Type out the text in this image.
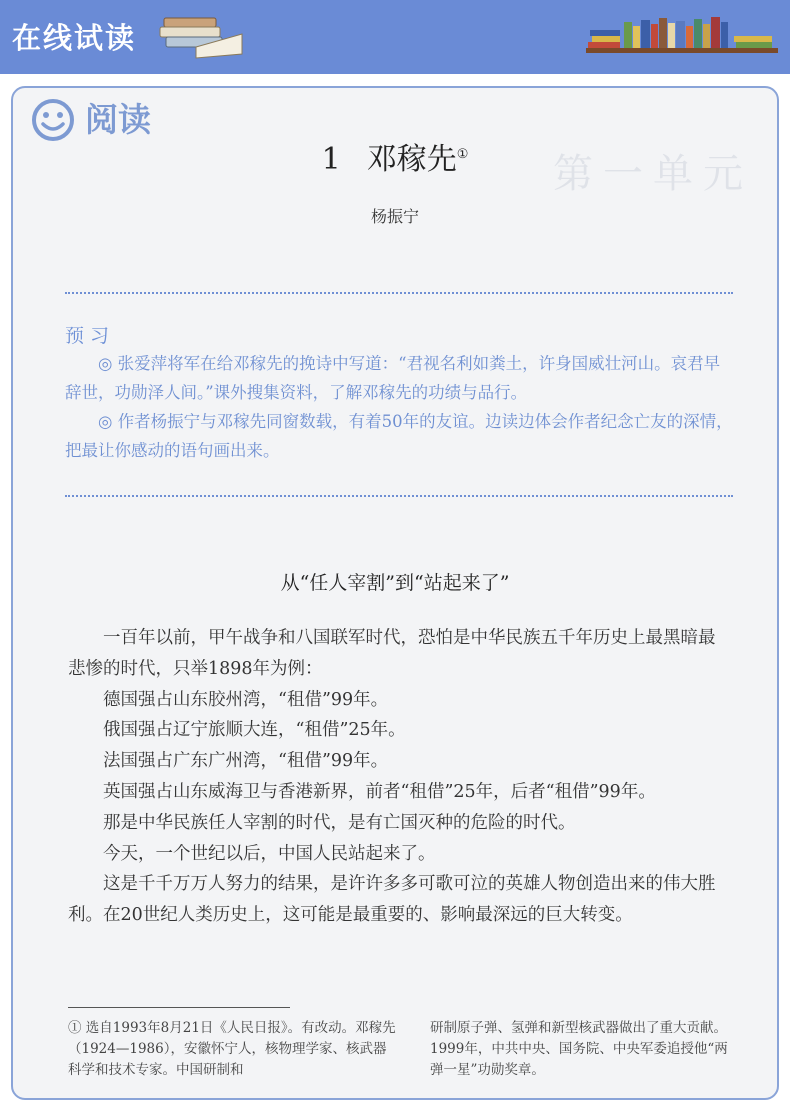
在线试读
第一单元
阅读
1 邓稼先①
杨振宁
预习

◎ 张爱萍将军在给邓稼先的挽诗中写道：“君视名利如粪土，许身国威壮河山。哀君早辞世，功勋泽人间。”课外搜集资料，了解邓稼先的功绩与品行。

◎ 作者杨振宁与邓稼先同窗数载，有着50年的友谊。边读边体会作者纪念亡友的深情，把最让你感动的语句画出来。

从“任人宰割”到“站起来了”

一百年以前，甲午战争和八国联军时代，恐怕是中华民族五千年历史上最黑暗最悲惨的时代，只举1898年为例：

德国强占山东胶州湾，“租借”99年。

俄国强占辽宁旅顺大连，“租借”25年。

法国强占广东广州湾，“租借”99年。

英国强占山东威海卫与香港新界，前者“租借”25年，后者“租借”99年。

那是中华民族任人宰割的时代，是有亡国灭种的危险的时代。

今天，一个世纪以后，中国人民站起来了。

这是千千万万人努力的结果，是许许多多可歌可泣的英雄人物创造出来的伟大胜利。在20世纪人类历史上，这可能是最重要的、影响最深远的巨大转变。

① 选自1993年8月21日《人民日报》。有改动。邓稼先（1924—1986），安徽怀宁人，核物理学家、核武器科学和技术专家。中国研制和
研制原子弹、氢弹和新型核武器做出了重大贡献。1999年，中共中央、国务院、中央军委追授他“两弹一星”功勋奖章。
